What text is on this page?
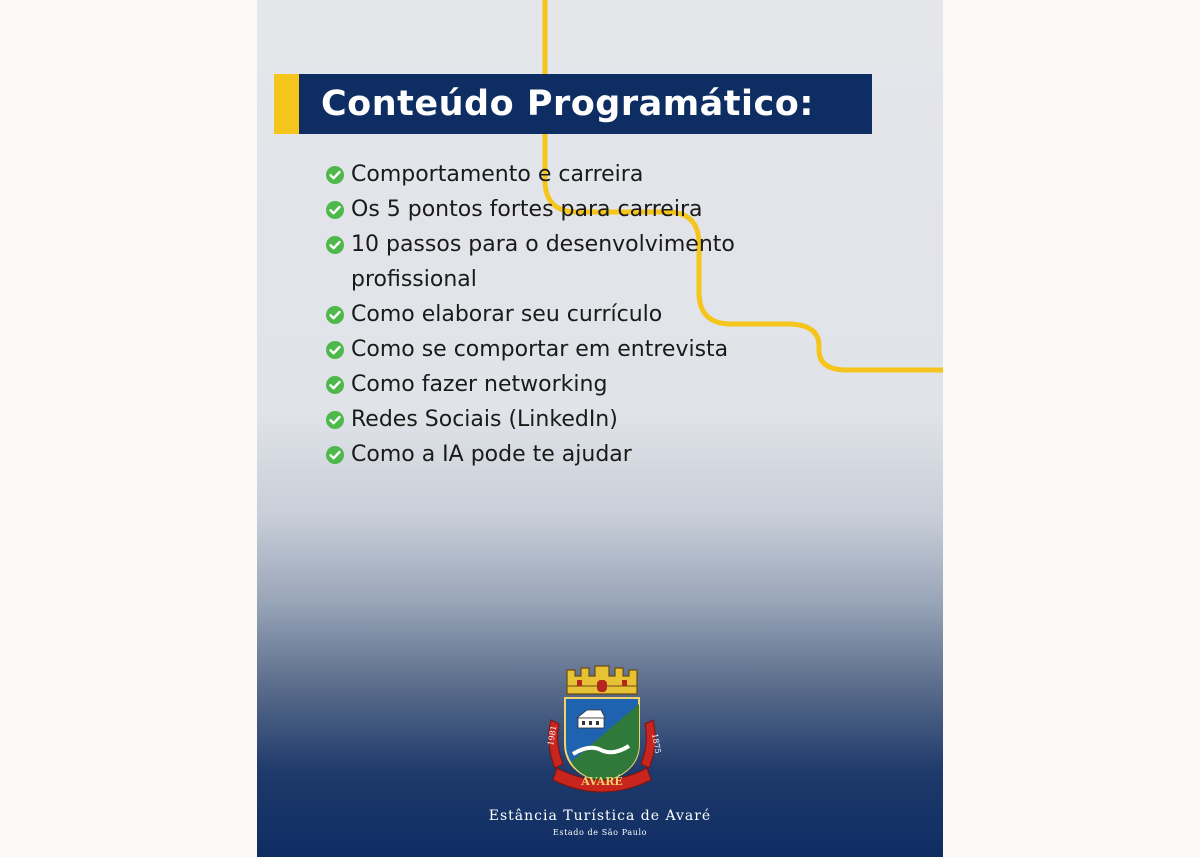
Conteúdo Programático:
Comportamento e carreira
Os 5 pontos fortes para carreira
10 passos para o desenvolvimento profissional
Como elaborar seu currículo
Como se comportar em entrevista
Como fazer networking
Redes Sociais (LinkedIn)
Como a IA pode te ajudar
1981	1875
AVARÉ
Estância Turística de Avaré
Estado de São Paulo
